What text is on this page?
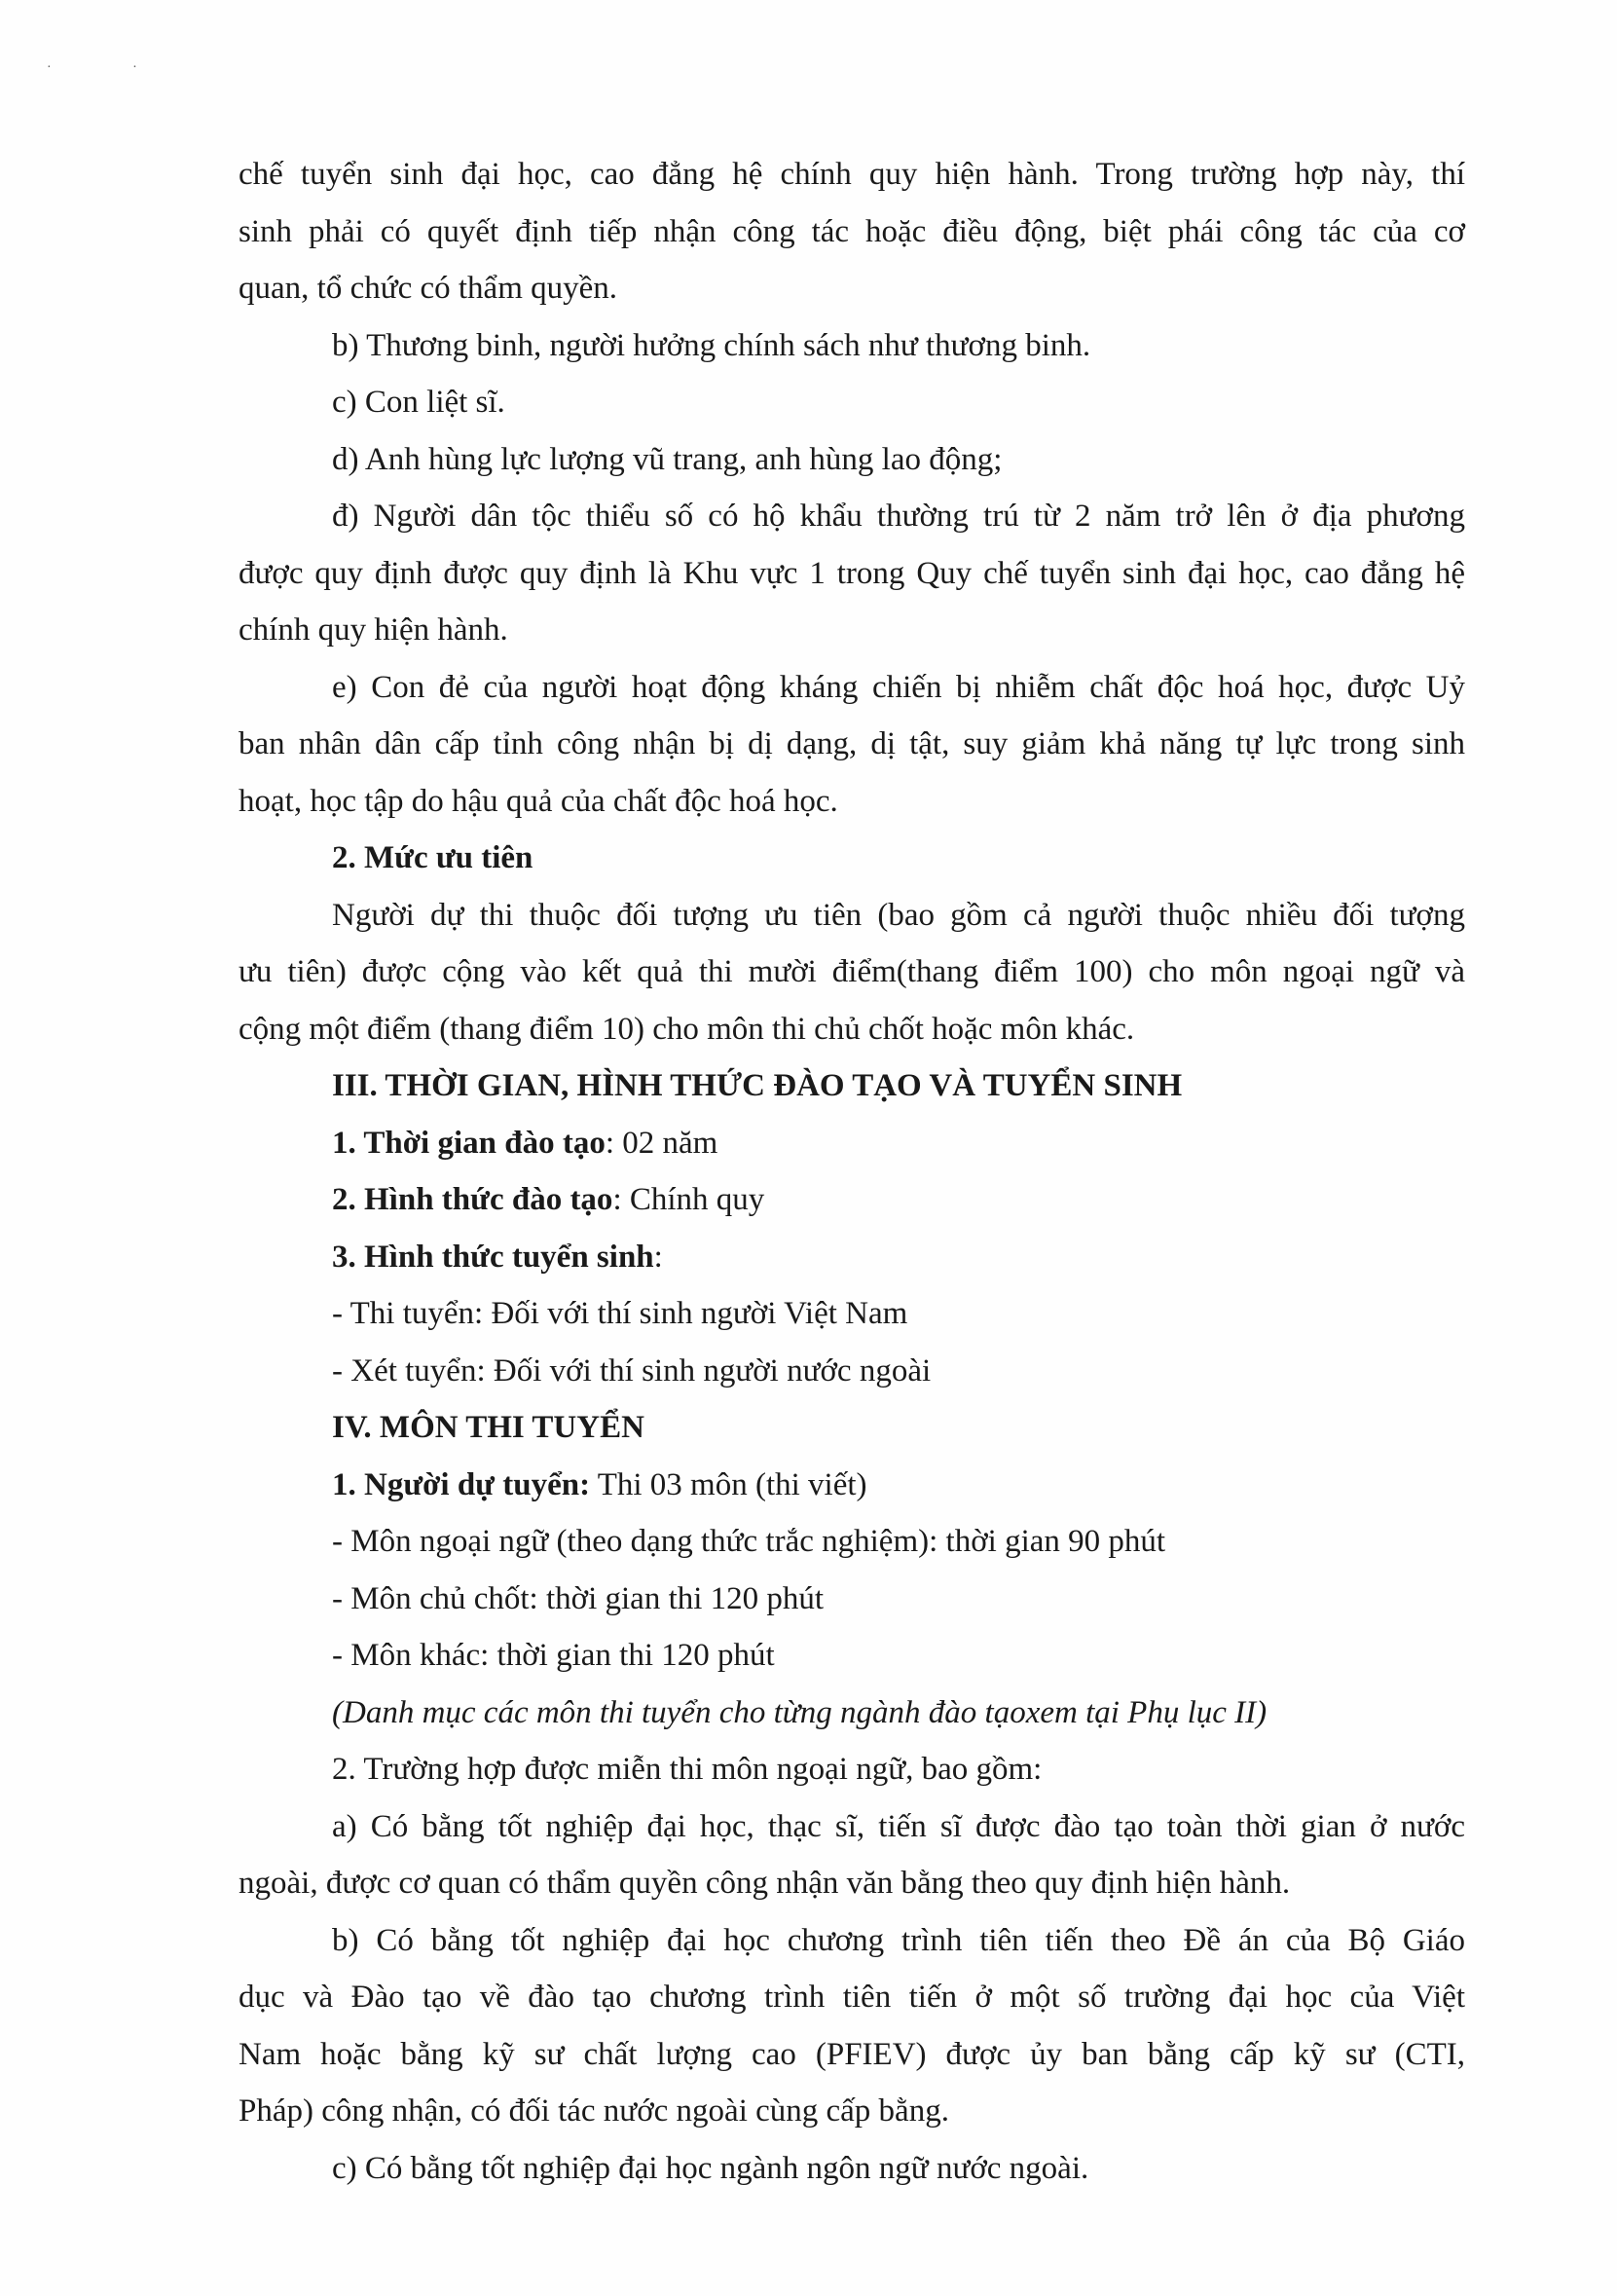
· ·

chế tuyển sinh đại học, cao đẳng hệ chính quy hiện hành. Trong trường hợp này, thí

sinh phải có quyết định tiếp nhận công tác hoặc điều động, biệt phái công tác của cơ

quan, tổ chức có thẩm quyền.

b) Thương binh, người hưởng chính sách như thương binh.

c) Con liệt sĩ.

d) Anh hùng lực lượng vũ trang, anh hùng lao động;

đ) Người dân tộc thiểu số có hộ khẩu thường trú từ 2 năm trở lên ở địa phương

được quy định được quy định là Khu vực 1 trong Quy chế tuyển sinh đại học, cao đẳng hệ

chính quy hiện hành.

e) Con đẻ của người hoạt động kháng chiến bị nhiễm chất độc hoá học, được Uỷ

ban nhân dân cấp tỉnh công nhận bị dị dạng, dị tật, suy giảm khả năng tự lực trong sinh

hoạt, học tập do hậu quả của chất độc hoá học.

2. Mức ưu tiên

Người dự thi thuộc đối tượng ưu tiên (bao gồm cả người thuộc nhiều đối tượng

ưu tiên) được cộng vào kết quả thi mười điểm(thang điểm 100) cho môn ngoại ngữ và

cộng một điểm (thang điểm 10) cho môn thi chủ chốt hoặc môn khác.

III. THỜI GIAN, HÌNH THỨC ĐÀO TẠO VÀ TUYỂN SINH

1. Thời gian đào tạo: 02 năm

2. Hình thức đào tạo: Chính quy

3. Hình thức tuyển sinh:

- Thi tuyển: Đối với thí sinh người Việt Nam

- Xét tuyển: Đối với thí sinh người nước ngoài

IV. MÔN THI TUYỂN

1. Người dự tuyển: Thi 03 môn (thi viết)

- Môn ngoại ngữ (theo dạng thức trắc nghiệm): thời gian 90 phút

- Môn chủ chốt: thời gian thi 120 phút

- Môn khác: thời gian thi 120 phút

(Danh mục các môn thi tuyển cho từng ngành đào tạoxem tại Phụ lục II)

2. Trường hợp được miễn thi môn ngoại ngữ, bao gồm:

a) Có bằng tốt nghiệp đại học, thạc sĩ, tiến sĩ được đào tạo toàn thời gian ở nước

ngoài, được cơ quan có thẩm quyền công nhận văn bằng theo quy định hiện hành.

b) Có bằng tốt nghiệp đại học chương trình tiên tiến theo Đề án của Bộ Giáo

dục và Đào tạo về đào tạo chương trình tiên tiến ở một số trường đại học của Việt

Nam hoặc bằng kỹ sư chất lượng cao (PFIEV) được ủy ban bằng cấp kỹ sư (CTI,

Pháp) công nhận, có đối tác nước ngoài cùng cấp bằng.

c) Có bằng tốt nghiệp đại học ngành ngôn ngữ nước ngoài.
